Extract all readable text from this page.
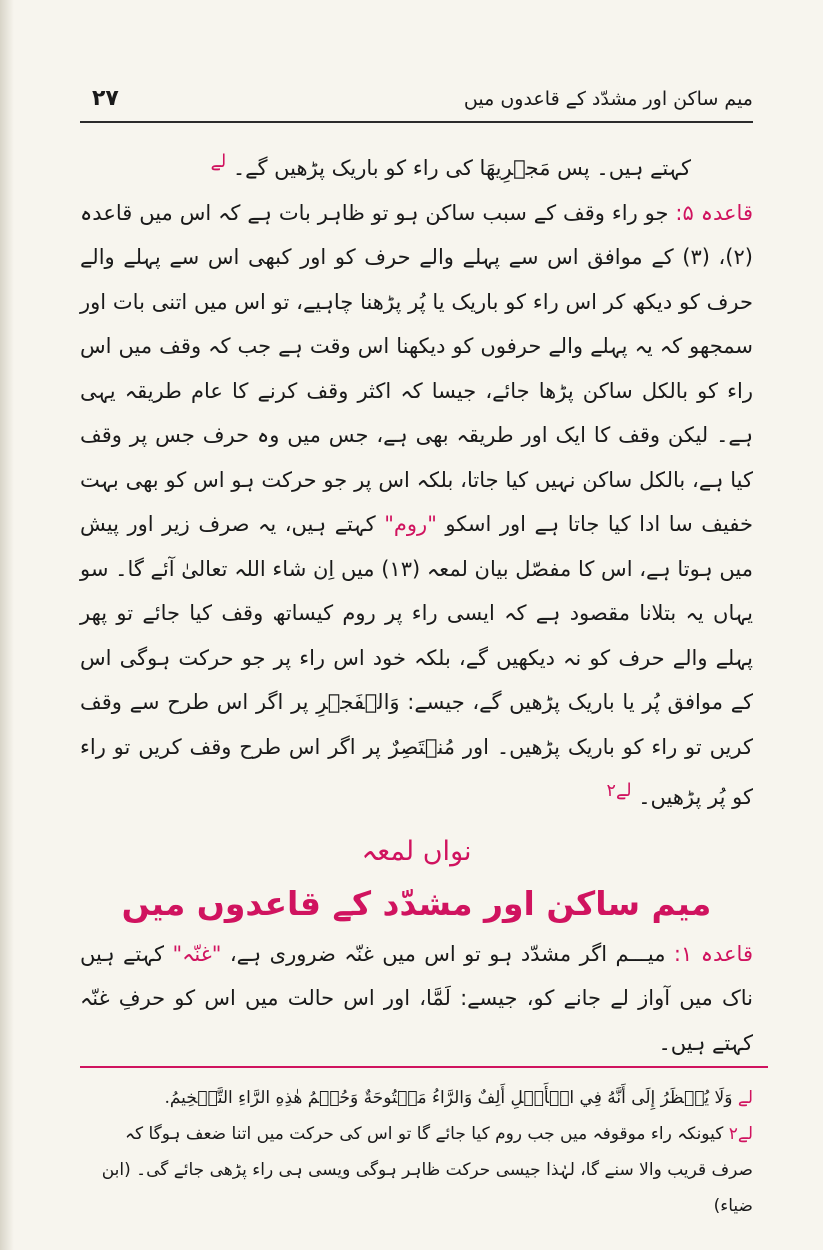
۲۷	میم ساکن اور مشدّد کے قاعدوں میں

کہتے ہیں۔ پس مَجۡرِیھَا کی راء کو باریک پڑھیں گے۔ $^{لے}$

قاعدہ ۵: جو راء وقف کے سبب ساکن ہو تو ظاہر بات ہے کہ اس میں قاعدہ (۲)، (۳) کے موافق اس سے پہلے والے حرف کو اور کبھی اس سے پہلے والے حرف کو دیکھ کر اس راء کو باریک یا پُر پڑھنا چاہیے، تو اس میں اتنی بات اور سمجھو کہ یہ پہلے والے حرفوں کو دیکھنا اس وقت ہے جب کہ وقف میں اس راء کو بالکل ساکن پڑھا جائے، جیسا کہ اکثر وقف کرنے کا عام طریقہ یہی ہے۔ لیکن وقف کا ایک اور طریقہ بھی ہے، جس میں وہ حرف جس پر وقف کیا ہے، بالکل ساکن نہیں کیا جاتا، بلکہ اس پر جو حرکت ہو اس کو بھی بہت خفیف سا ادا کیا جاتا ہے اور اسکو "روم" کہتے ہیں، یہ صرف زیر اور پیش میں ہوتا ہے، اس کا مفصّل بیان لمعہ (۱۳) میں اِن شاء اللہ تعالیٰ آئے گا۔ سو یہاں یہ بتلانا مقصود ہے کہ ایسی راء پر روم کیساتھ وقف کیا جائے تو پھر پہلے والے حرف کو نہ دیکھیں گے، بلکہ خود اس راء پر جو حرکت ہوگی اس کے موافق پُر یا باریک پڑھیں گے، جیسے: وَالۡفَجۡرِ پر اگر اس طرح سے وقف کریں تو راء کو باریک پڑھیں۔ اور مُنۡتَصِرٌ پر اگر اس طرح وقف کریں تو راء کو پُر پڑھیں۔ $^{لے۲}$

نواں لمعہ
میم ساکن اور مشدّد کے قاعدوں میں

قاعدہ ۱: میـــم اگر مشدّد ہو تو اس میں غنّہ ضروری ہے، "غنّہ" کہتے ہیں ناک میں آواز لے جانے کو، جیسے: لَمَّا، اور اس حالت میں اس کو حرفِ غنّہ کہتے ہیں۔

لے وَلَا يُنۡظَرُ إِلَى أَنَّهُ فِي الۡأَصۡلِ أَلِفٌ وَالرَّاءُ مَفۡتُوحَةٌ وَحُكۡمُ هٰذِهِ الرَّاءِ التَّفۡخِيمُ.

لے۲ کیونکہ راء موقوفہ میں جب روم کیا جائے گا تو اس کی حرکت میں اتنا ضعف ہوگا کہ صرف قریب والا سنے گا، لہٰذا جیسی حرکت ظاہر ہوگی ویسی ہی راء پڑھی جائے گی۔ (ابن ضیاء)
